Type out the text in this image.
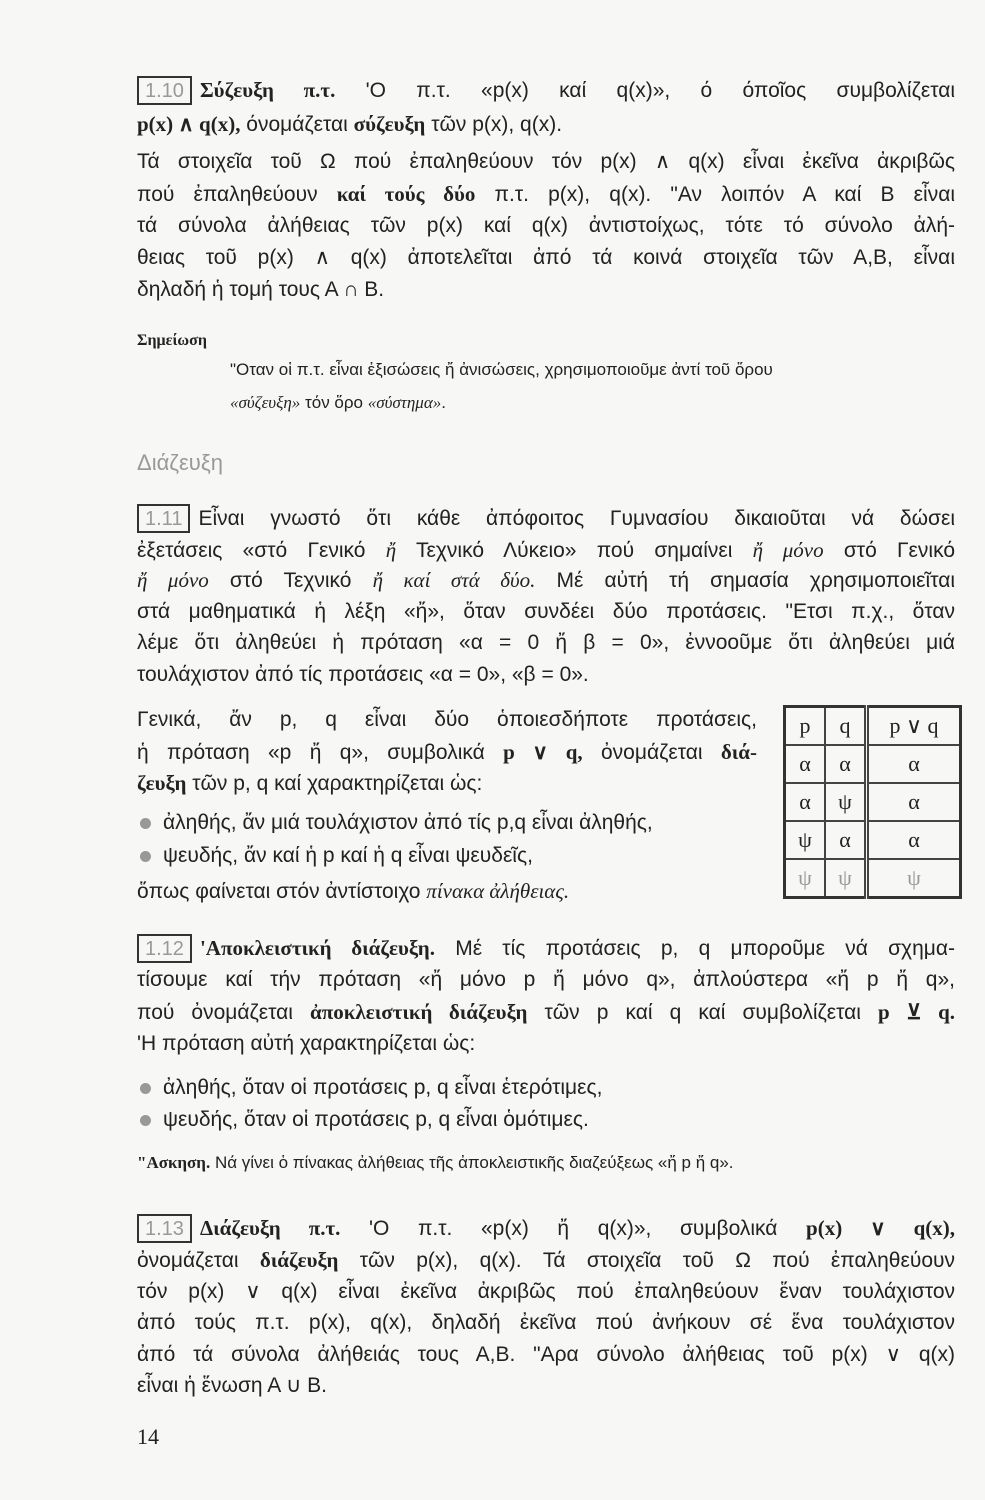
1.10 Σύζευξη π.τ. 'Ο π.τ. «p(x) καί q(x)», ό όποῖος συμβολίζεται
p(x) ∧ q(x), όνομάζεται σύζευξη τῶν p(x), q(x).
Τά στοιχεῖα τοῦ Ω πού ἐπαληθεύουν τόν p(x) ∧ q(x) εἶναι ἐκεῖνα ἀκριβῶς
πού ἐπαληθεύουν καί τούς δύο π.τ. p(x), q(x). "Αν λοιπόν Α καί Β εἶναι
τά σύνολα ἀλήθειας τῶν p(x) καί q(x) ἀντιστοίχως, τότε τό σύνολο ἀλή-
θειας τοῦ p(x) ∧ q(x) ἀποτελεῖται ἀπό τά κοινά στοιχεῖα τῶν Α,Β, εἶναι
δηλαδή ἡ τομή τους Α ∩ Β.
Σημείωση
"Οταν οἱ π.τ. εἶναι ἐξισώσεις ἤ ἀνισώσεις, χρησιμοποιοῦμε ἀντί τοῦ ὅρου
«σύζευξη» τόν ὅρο «σύστημα».
Διάζευξη
1.11 Εἶναι γνωστό ὅτι κάθε ἀπόφοιτος Γυμνασίου δικαιοῦται νά δώσει
ἐξετάσεις «στό Γενικό ἤ Τεχνικό Λύκειο» πού σημαίνει ἤ μόνο στό Γενικό
ἤ μόνο στό Τεχνικό ἤ καί στά δύο. Μέ αὐτή τή σημασία χρησιμοποιεῖται
στά μαθηματικά ἡ λέξη «ἤ», ὅταν συνδέει δύο προτάσεις. "Ετσι π.χ., ὅταν
λέμε ὅτι ἀληθεύει ἡ πρόταση «α = 0 ἤ β = 0», ἐννοοῦμε ὅτι ἀληθεύει μιά
τουλάχιστον ἀπό τίς προτάσεις «α = 0», «β = 0».
Γενικά, ἄν p, q εἶναι δύο ὁποιεσδήποτε προτάσεις,
ἡ πρόταση «p ἤ q», συμβολικά p ∨ q, ὀνομάζεται διά-
ζευξη τῶν p, q καί χαρακτηρίζεται ὡς:
ἀληθής, ἄν μιά τουλάχιστον ἀπό τίς p,q εἶναι ἀληθής,
ψευδής, ἄν καί ἡ p καί ἡ q εἶναι ψευδεῖς,
ὅπως φαίνεται στόν ἀντίστοιχο πίνακα ἀλήθειας.
p	q	p ∨ q
α	α	α
α	ψ	α
ψ	α	α
ψ	ψ	ψ
1.12 'Αποκλειστική διάζευξη. Μέ τίς προτάσεις p, q μποροῦμε νά σχημα-
τίσουμε καί τήν πρόταση «ἤ μόνο p ἤ μόνο q», ἀπλούστερα «ἤ p ἤ q»,
πού ὀνομάζεται ἀποκλειστική διάζευξη τῶν p καί q καί συμβολίζεται p ⊻ q.
'Η πρόταση αὐτή χαρακτηρίζεται ὡς:
ἀληθής, ὅταν οἱ προτάσεις p, q εἶναι ἑτερότιμες,
ψευδής, ὅταν οἱ προτάσεις p, q εἶναι ὁμότιμες.
"Ασκηση. Νά γίνει ὁ πίνακας ἀλήθειας τῆς ἀποκλειστικῆς διαζεύξεως «ἤ p ἤ q».
1.13 Διάζευξη π.τ. 'Ο π.τ. «p(x) ἤ q(x)», συμβολικά p(x) ∨ q(x),
ὀνομάζεται διάζευξη τῶν p(x), q(x). Τά στοιχεῖα τοῦ Ω πού ἐπαληθεύουν
τόν p(x) ∨ q(x) εἶναι ἐκεῖνα ἀκριβῶς πού ἐπαληθεύουν ἕναν τουλάχιστον
ἀπό τούς π.τ. p(x), q(x), δηλαδή ἐκεῖνα πού ἀνήκουν σέ ἕνα τουλάχιστον
ἀπό τά σύνολα ἀλήθειάς τους Α,Β. "Αρα σύνολο ἀλήθειας τοῦ p(x) ∨ q(x)
εἶναι ἡ ἕνωση Α ∪ Β.
14
